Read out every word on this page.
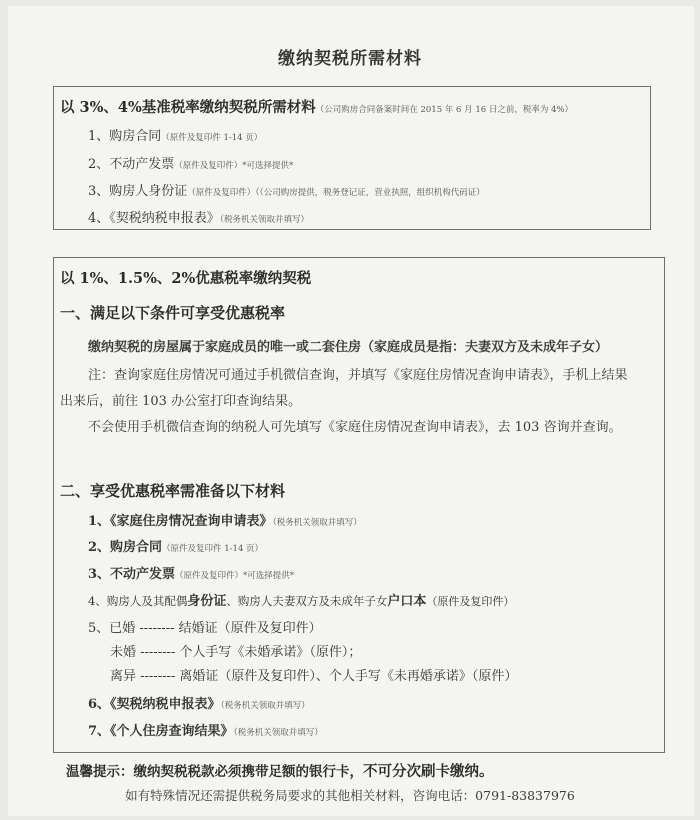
缴纳契税所需材料
以 3%、4%基准税率缴纳契税所需材料（公司购房合同备案时间在 2015 年 6 月 16 日之前，税率为 4%）
1、购房合同（原件及复印件 1-14 页）
2、不动产发票（原件及复印件）*可选择提供*
3、购房人身份证（原件及复印件）（（公司购房提供，税务登记证，营业执照，组织机构代码证）
4、《契税纳税申报表》（税务机关领取并填写）
以 1%、1.5%、2%优惠税率缴纳契税
一、满足以下条件可享受优惠税率
缴纳契税的房屋属于家庭成员的唯一或二套住房（家庭成员是指：夫妻双方及未成年子女）
注：查询家庭住房情况可通过手机微信查询，并填写《家庭住房情况查询申请表》，手机上结果
出来后，前往 103 办公室打印查询结果。
不会使用手机微信查询的纳税人可先填写《家庭住房情况查询申请表》，去 103 咨询并查询。
二、享受优惠税率需准备以下材料
1、《家庭住房情况查询申请表》（税务机关领取并填写）
2、购房合同（原件及复印件 1-14 页）
3、不动产发票（原件及复印件）*可选择提供*
4、购房人及其配偶身份证、购房人夫妻双方及未成年子女户口本（原件及复印件）
5、已婚 -------- 结婚证（原件及复印件）
未婚 -------- 个人手写《未婚承诺》（原件）；
离异 -------- 离婚证（原件及复印件）、个人手写《未再婚承诺》（原件）
6、《契税纳税申报表》（税务机关领取并填写）
7、《个人住房查询结果》（税务机关领取并填写）
温馨提示：缴纳契税税款必须携带足额的银行卡，不可分次刷卡缴纳。
如有特殊情况还需提供税务局要求的其他相关材料，咨询电话：0791-83837976
